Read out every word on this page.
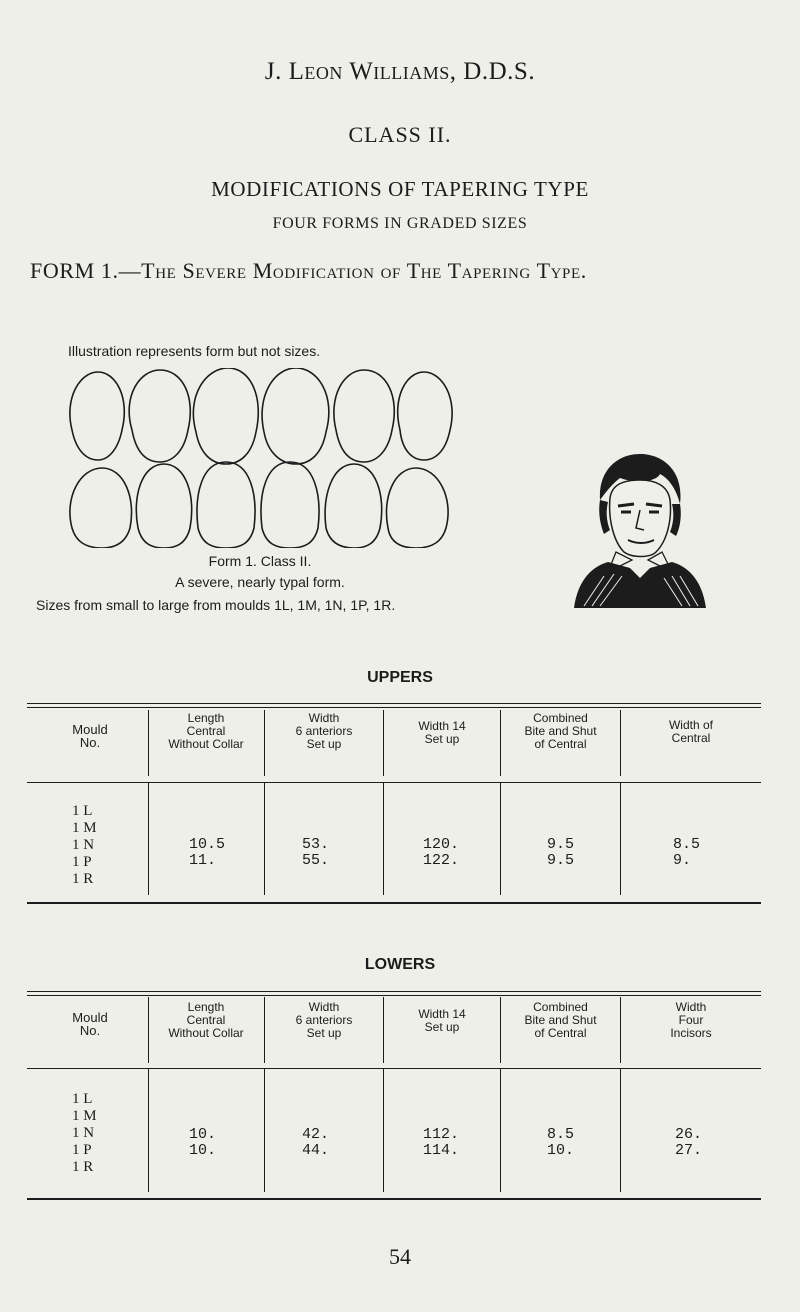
J. Leon Williams, D.D.S.
CLASS II.
MODIFICATIONS OF TAPERING TYPE
FOUR FORMS IN GRADED SIZES
FORM 1.—The Severe Modification of The Tapering Type.
Illustration represents form but not sizes.
Form 1. Class II.
A severe, nearly typal form.
Sizes from small to large from moulds 1L, 1M, 1N, 1P, 1R.
UPPERS
Mould
No.
Length
Central
Without Collar
Width
6 anteriors
Set up
Width 14
Set up
Combined
Bite and Shut
of Central
Width of
Central
1 L
1 M
1 N
1 P
1 R
10.5
11.
53.
55.
120.
122.
9.5
9.5
8.5
9.
LOWERS
Mould
No.
Length
Central
Without Collar
Width
6 anteriors
Set up
Width 14
Set up
Combined
Bite and Shut
of Central
Width
Four
Incisors
1 L
1 M
1 N
1 P
1 R
10.
10.
42.
44.
112.
114.
8.5
10.
26.
27.
54
